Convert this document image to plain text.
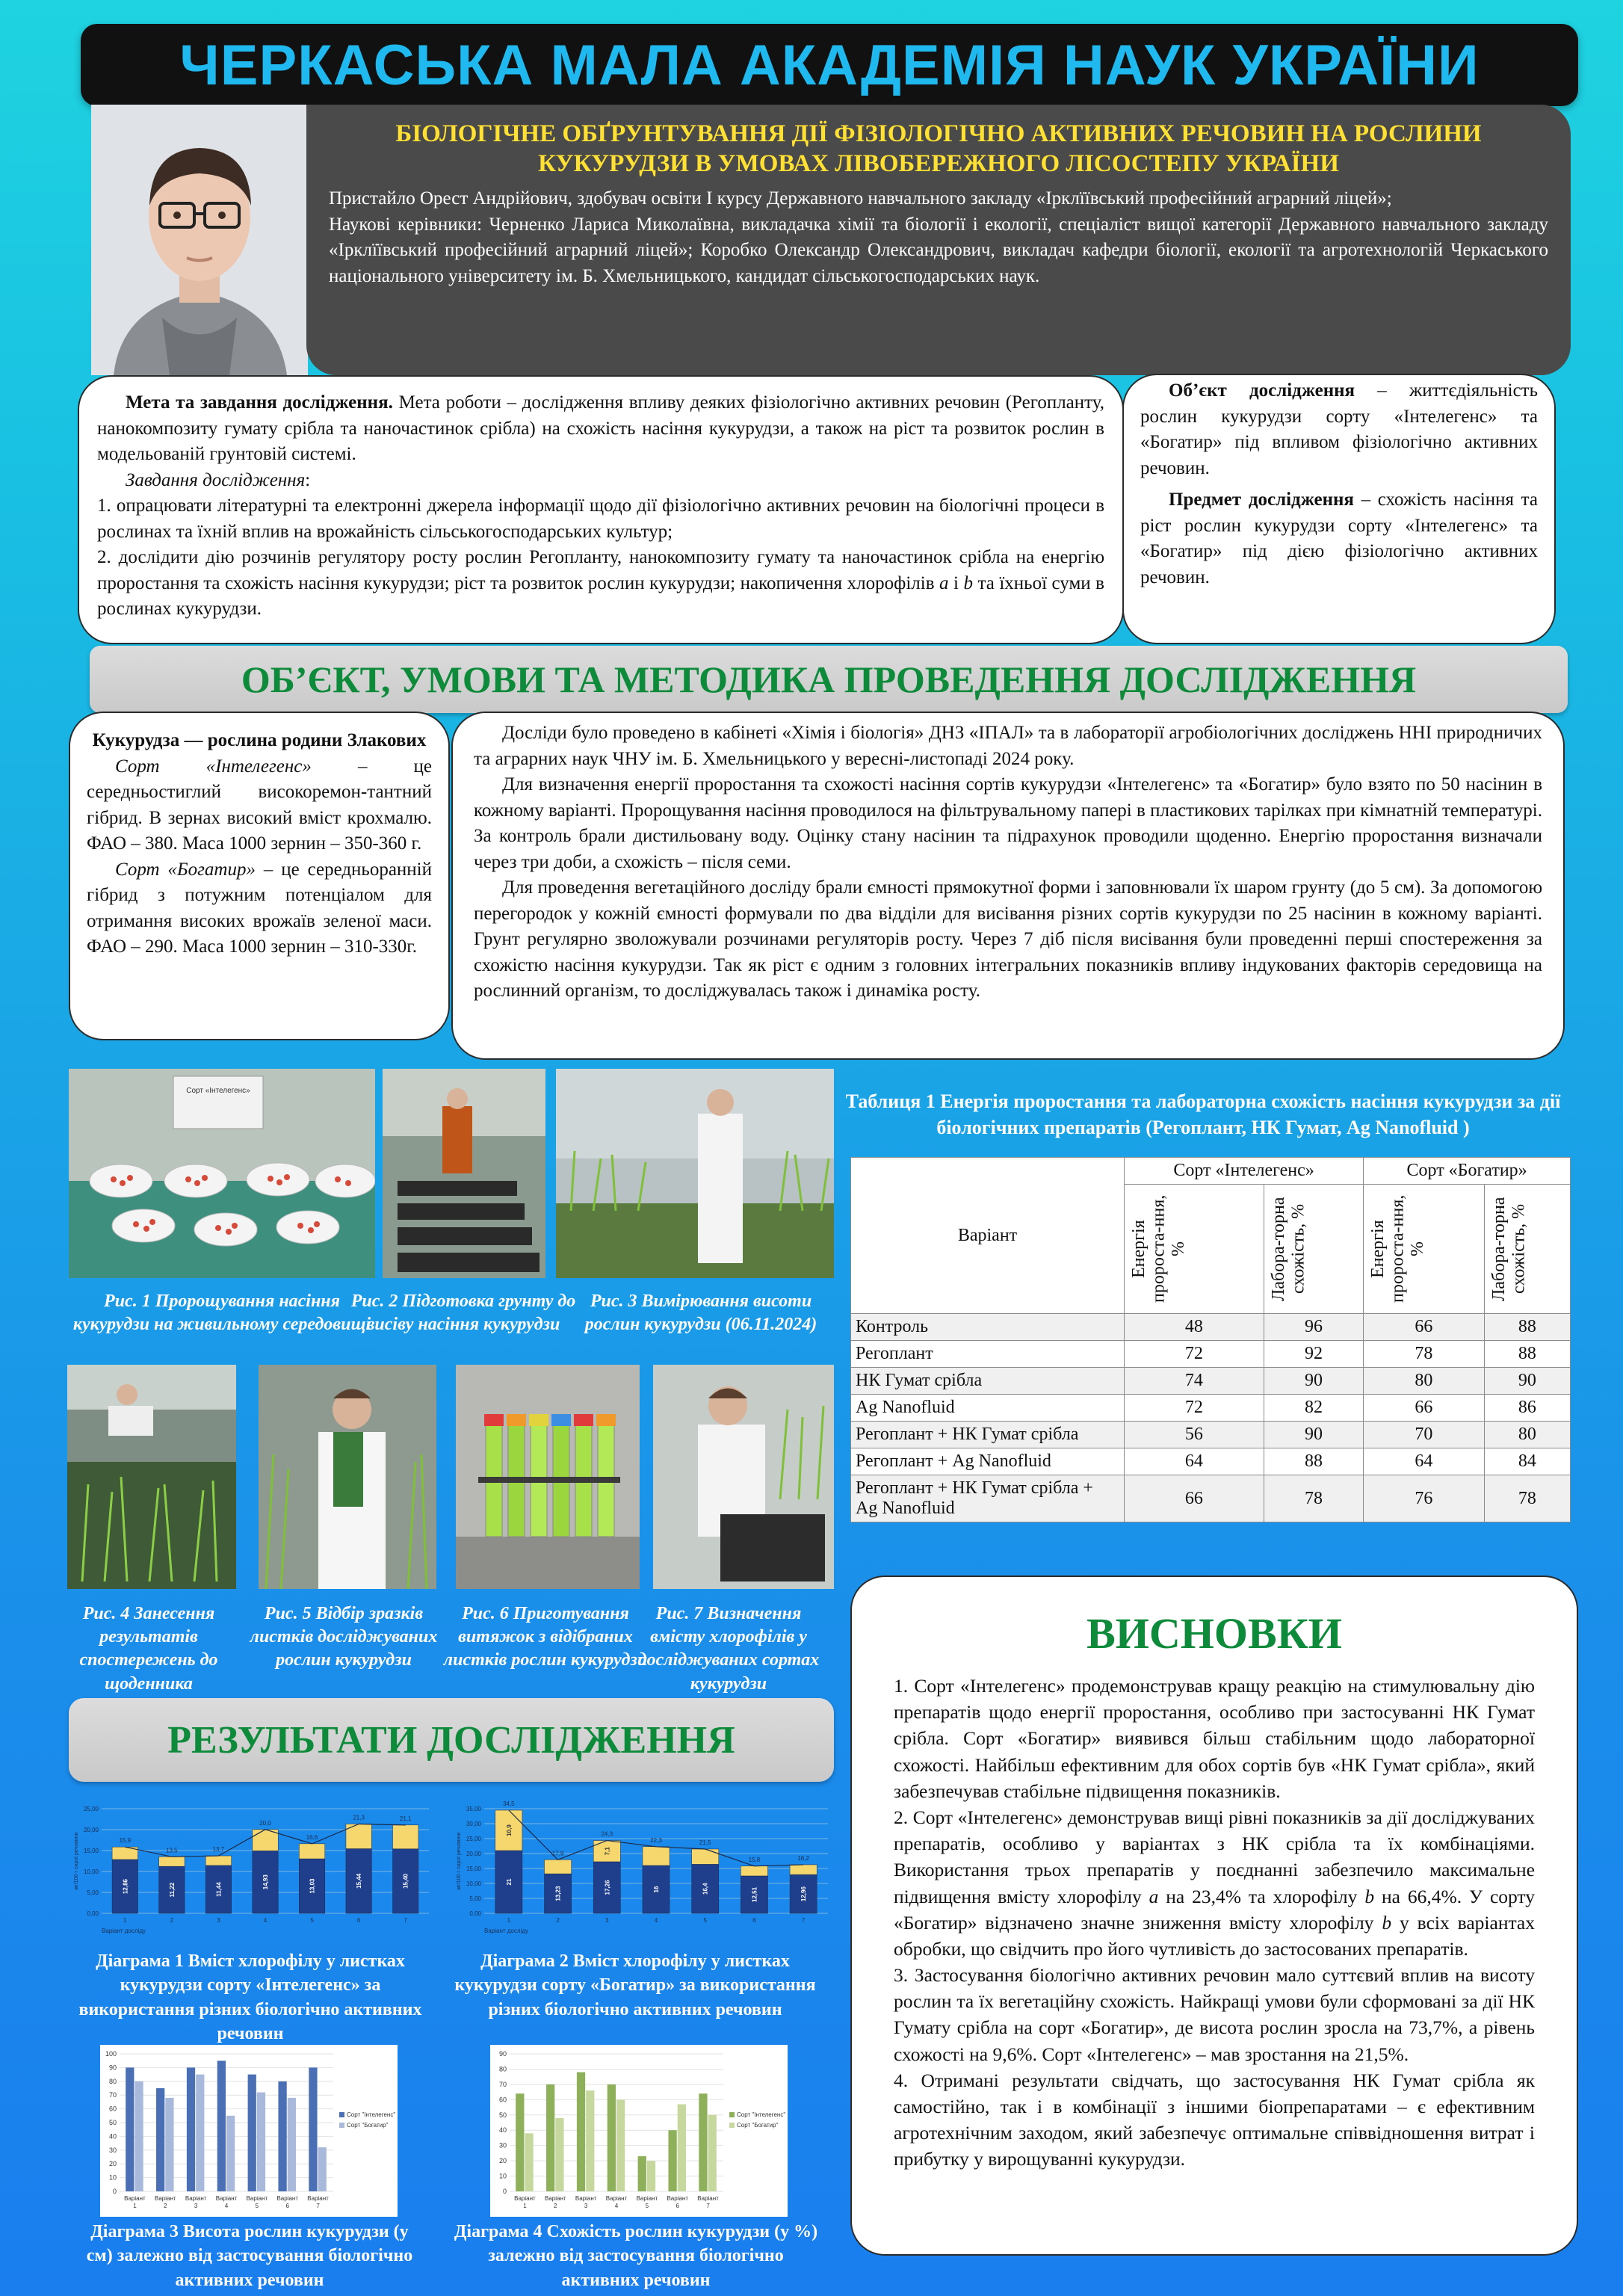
ЧЕРКАСЬКА МАЛА АКАДЕМІЯ НАУК УКРАЇНИ
БІОЛОГІЧНЕ ОБҐРУНТУВАННЯ ДІЇ ФІЗІОЛОГІЧНО АКТИВНИХ РЕЧОВИН НА РОСЛИНИ КУКУРУДЗИ В УМОВАХ ЛІВОБЕРЕЖНОГО ЛІСОСТЕПУ УКРАЇНИ

Пристайло Орест Андрійович, здобувач освіти І курсу Державного навчального закладу «Ірклїївський професійний аграрний ліцей»;

Наукові керівники: Черненко Лариса Миколаївна, викладачка хімії та біології і екології, спеціаліст вищої категорії Державного навчального закладу «Ірклїївський професійний аграрний ліцей»; Коробко Олександр Олександрович, викладач кафедри біології, екології та агротехнологій Черкаського національного університету ім. Б. Хмельницького, кандидат сільськогосподарських наук.

Мета та завдання дослідження. Мета роботи – дослідження впливу деяких фізіологічно активних речовин (Регопланту, нанокомпозиту гумату срібла та наночастинок срібла) на схожість насіння кукурудзи, а також на ріст та розвиток рослин в модельованій грунтовій системі.

Завдання дослідження:

1. опрацювати літературні та електронні джерела інформації щодо дії фізіологічно активних речовин на біологічні процеси в рослинах та їхній вплив на врожайність сільськогосподарських культур;

2. дослідити дію розчинів регулятору росту рослин Регопланту, нанокомпозиту гумату та наночастинок срібла на енергію проростання та схожість насіння кукурудзи; ріст та розвиток рослин кукурудзи; накопичення хлорофілів a і b та їхньої суми в рослинах кукурудзи.

Об’єкт дослідження – життєдіяльність рослин кукурудзи сорту «Інтелегенс» та «Богатир» під впливом фізіологічно активних речовин.

Предмет дослідження – схожість насіння та ріст рослин кукурудзи сорту «Інтелегенс» та «Богатир» під дією фізіологічно активних речовин.

ОБ’ЄКТ, УМОВИ ТА МЕТОДИКА ПРОВЕДЕННЯ ДОСЛІДЖЕННЯ

Кукурудза — рослина родини Злакових

Сорт «Інтелегенс» – це середньостиглий високоремон-тантний гібрид. В зернах високий вміст крохмалю. ФАО – 380. Маса 1000 зернин – 350-360 г.

Сорт «Богатир» – це середньоранній гібрид з потужним потенціалом для отримання високих врожаїв зеленої маси. ФАО – 290. Маса 1000 зернин – 310-330г.

Досліди було проведено в кабінеті «Хімія і біологія» ДНЗ «ІПАЛ» та в лабораторії агробіологічних досліджень ННІ природничих та аграрних наук ЧНУ ім. Б. Хмельницького у вересні-листопаді 2024 року.

Для визначення енергії проростання та схожості насіння сортів кукурудзи «Інтелегенс» та «Богатир» було взято по 50 насінин в кожному варіанті. Пророщування насіння проводилося на фільтрувальному папері в пластикових тарілках при кімнатній температурі. За контроль брали дистильовану воду. Оцінку стану насінин та підрахунок проводили щоденно. Енергію проростання визначали через три доби, а схожість – після семи.

Для проведення вегетаційного досліду брали ємності прямокутної форми і заповнювали їх шаром грунту (до 5 см). За допомогою перегородок у кожній ємності формували по два відділи для висівання різних сортів кукурудзи по 25 насінин в кожному варіанті. Грунт регулярно зволожували розчинами регуляторів росту. Через 7 діб після висівання були проведенні перші спостереження за схожістю насіння кукурудзи. Так як ріст є одним з головних інтегральних показників впливу індукованих факторів середовища на рослинний організм, то досліджувалась також і динаміка росту.

Сорт «Інтелегенс»
Рис. 1 Пророщування насіння кукурудзи на живильному середовищі
Рис. 2 Підготовка грунту до висіву насіння кукурудзи
Рис. 3 Вимірювання висоти рослин кукурудзи (06.11.2024)
Рис. 4 Занесення результатів спостережень до щоденника
Рис. 5 Відбір зразків листків досліджуваних рослин кукурудзи
Рис. 6 Приготування витяжок з відібраних листків рослин кукурудзи
Рис. 7 Визначення вмісту хлорофілів у досліджуваних сортах кукурудзи
Таблиця 1 Енергія проростання та лабораторна схожість насіння кукурудзи за дії біологічних препаратів (Регоплант, НК Гумат, Ag Nanofluid )
Варіант	Сорт «Інтелегенс»		Сорт «Богатир»	

	Енергія пророста-ння, %	Лабора-торна схожість, %	Енергія пророста-ння, %	Лабора-торна схожість, %

Контроль	48	96	66	88
Регоплант	72	92	78	88
НК Гумат срібла	74	90	80	90
Ag Nanofluid	72	82	66	86
Регоплант + НК Гумат срібла	56	90	70	80
Регоплант + Ag Nanofluid	64	88	64	84
Регоплант + НК Гумат срібла + Ag Nanofluid	66	78	76	78
ВИСНОВКИ

1. Сорт «Інтелегенс» продемонстрував кращу реакцію на стимулювальну дію препаратів щодо енергії проростання, особливо при застосуванні НК Гумат срібла. Сорт «Богатир» виявився більш стабільним щодо лабораторної схожості. Найбільш ефективним для обох сортів був «НК Гумат срібла», який забезпечував стабільне підвищення показників.

2. Сорт «Інтелегенс» демонстрував вищі рівні показників за дії досліджуваних препаратів, особливо у варіантах з НК срібла та їх комбінаціями. Використання трьох препаратів у поєднанні забезпечило максимальне підвищення вмісту хлорофілу a на 23,4% та хлорофілу b на 66,4%. У сорту «Богатир» відзначено значне зниження вмісту хлорофілу b у всіх варіантах обробки, що свідчить про його чутливість до застосованих препаратів.

3. Застосування біологічно активних речовин мало суттєвий вплив на висоту рослин та їх вегетаційну схожість. Найкращі умови були сформовані за дії НК Гумату срібла на сорт «Богатир», де висота рослин зросла на 73,7%, а рівень схожості на 9,6%. Сорт «Інтелегенс» – мав зростання на 21,5%.

4. Отримані результати свідчать, що застосування НК Гумат срібла як самостійно, так і в комбінації з іншими біопрепаратами – є ефективним агротехнічним заходом, який забезпечує оптимальне співвідношення витрат і прибутку у вирощуванні кукурудзи.

РЕЗУЛЬТАТИ ДОСЛІДЖЕННЯ
0,00
5,00
10,00
15,00
20,00
25,00
мг/100 г сирої речовини	12,86
15,9
1
11,22
13,5
2
11,44
13,7
3
14,93
20,0
4
13,03
16,6
5
15,44
21,3
6
15,40
21,1
7
Варіант досліду
0,00
5,00
10,00
15,00
20,00
25,00
30,00
35,00
мг/100 г сирої речовини	21
10,9
34,5
1
13,23
17,9
2
17,26
7,1
24,3
3
16
22,3
4
16,4
21,5
5
12,51
15,8
6
12,96
16,2
7
Варіант досліду
Діаграма 1 Вміст хлорофілу у листках кукурудзи сорту «Інтелегенс» за використання різних біологічно активних речовин
Діаграма 2 Вміст хлорофілу у листках кукурудзи сорту «Богатир» за використання різних біологічно активних речовин
0
10
20
30
40
50
60
70
80
90
100
Варіант
1
Варіант
2
Варіант
3
Варіант
4
Варіант
5
Варіант
6
Варіант
7
Сорт "Інтелегенс"
Сорт "Богатир"
0
10
20
30
40
50
60
70
80
90
Варіант
1
Варіант
2
Варіант
3
Варіант
4
Варіант
5
Варіант
6
Варіант
7
Сорт "Інтелегенс"
Сорт "Богатир"
Діаграма 3 Висота рослин кукурудзи (у см) залежно від застосування біологічно активних речовин
Діаграма 4 Схожість рослин кукурудзи (у %) залежно від застосування біологічно активних речовин
